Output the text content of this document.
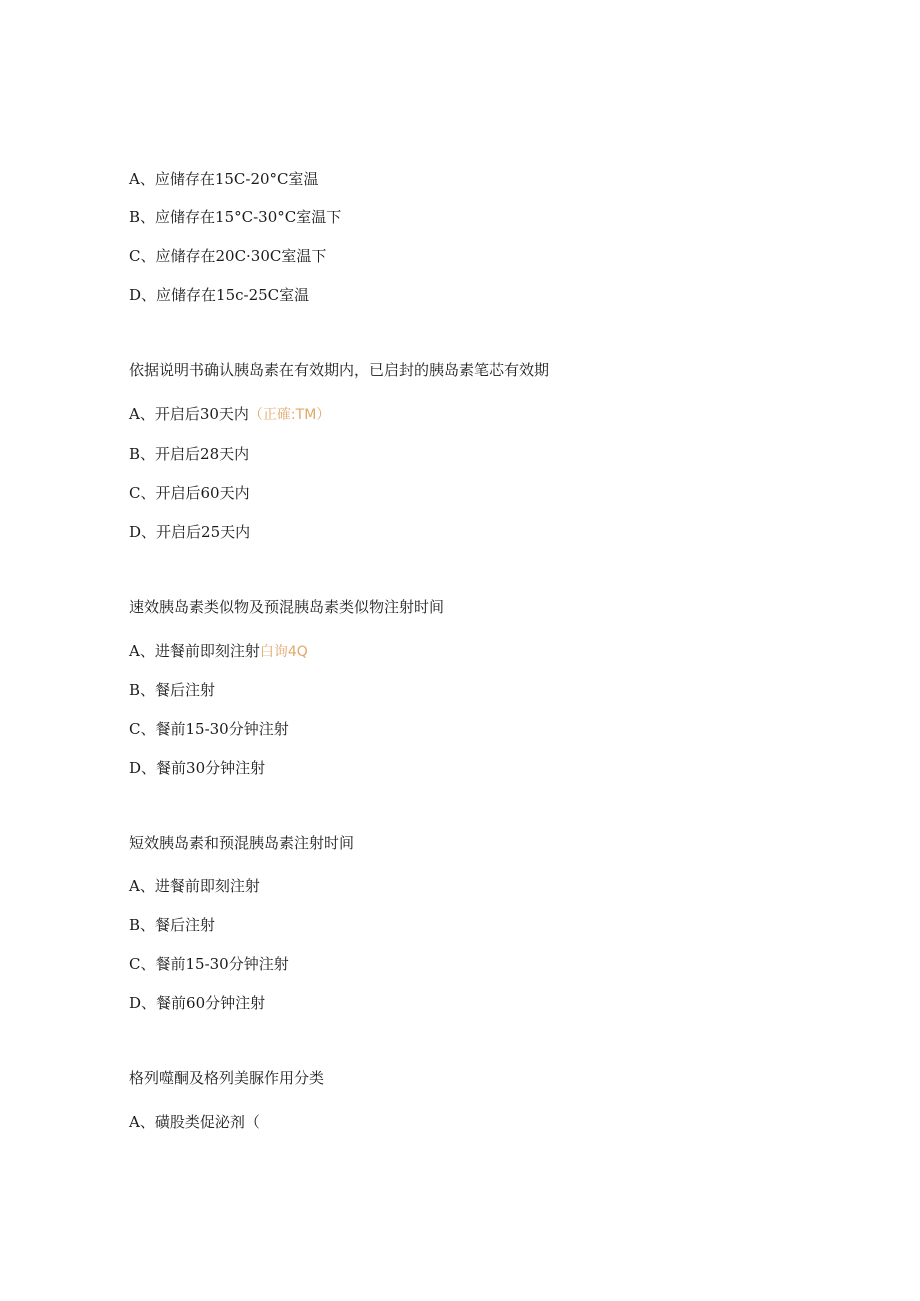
A、应储存在15C-20°C室温
B、应储存在15°C-30°C室温下
C、应储存在20C·30C室温下
D、应储存在15c-25C室温
依据说明书确认胰岛素在有效期内，已启封的胰岛素笔芯有效期
A、开启后30天内（正確:TM）
B、开启后28天内
C、开启后60天内
D、开启后25天内
速效胰岛素类似物及预混胰岛素类似物注射时间
A、进餐前即刻注射白询4Q
B、餐后注射
C、餐前15-30分钟注射
D、餐前30分钟注射
短效胰岛素和预混胰岛素注射时间
A、进餐前即刻注射
B、餐后注射
C、餐前15-30分钟注射
D、餐前60分钟注射
格列噬酮及格列美脲作用分类
A、磺股类促泌剂（
